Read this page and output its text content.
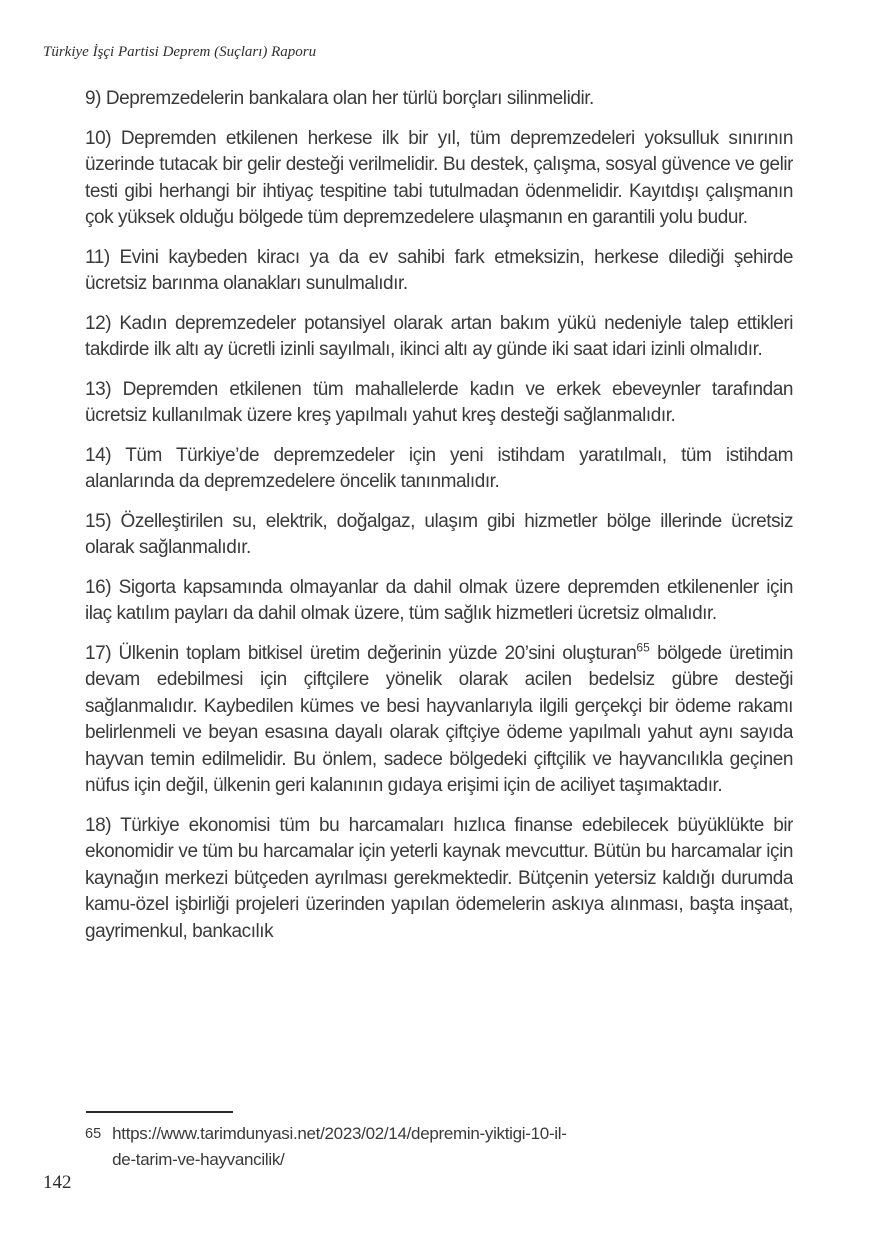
Türkiye İşçi Partisi Deprem (Suçları) Raporu

9) Depremzedelerin bankalara olan her türlü borçları silinmelidir.

10) Depremden etkilenen herkese ilk bir yıl, tüm depremzedeleri yoksulluk sınırının üzerinde tutacak bir gelir desteği verilmelidir. Bu destek, çalışma, sosyal güvence ve gelir testi gibi herhangi bir ihtiyaç tespitine tabi tutulmadan ödenmelidir. Kayıtdışı çalışmanın çok yüksek olduğu bölgede tüm depremzedelere ulaşmanın en garantili yolu budur.

11) Evini kaybeden kiracı ya da ev sahibi fark etmeksizin, herkese dilediği şehirde ücretsiz barınma olanakları sunulmalıdır.

12) Kadın depremzedeler potansiyel olarak artan bakım yükü nedeniyle talep ettikleri takdirde ilk altı ay ücretli izinli sayılmalı, ikinci altı ay günde iki saat idari izinli olmalıdır.

13) Depremden etkilenen tüm mahallelerde kadın ve erkek ebeveynler tarafından ücretsiz kullanılmak üzere kreş yapılmalı yahut kreş desteği sağlanmalıdır.

14) Tüm Türkiye’de depremzedeler için yeni istihdam yaratılmalı, tüm istihdam alanlarında da depremzedelere öncelik tanınmalıdır.

15) Özelleştirilen su, elektrik, doğalgaz, ulaşım gibi hizmetler bölge illerinde ücretsiz olarak sağlanmalıdır.

16) Sigorta kapsamında olmayanlar da dahil olmak üzere depremden etkilenenler için ilaç katılım payları da dahil olmak üzere, tüm sağlık hizmetleri ücretsiz olmalıdır.

17) Ülkenin toplam bitkisel üretim değerinin yüzde 20’sini oluşturan$^{65}$ bölgede üretimin devam edebilmesi için çiftçilere yönelik olarak acilen bedelsiz gübre desteği sağlanmalıdır. Kaybedilen kümes ve besi hayvanlarıyla ilgili gerçekçi bir ödeme rakamı belirlenmeli ve beyan esasına dayalı olarak çiftçiye ödeme yapılmalı yahut aynı sayıda hayvan temin edilmelidir. Bu önlem, sadece bölgedeki çiftçilik ve hayvancılıkla geçinen nüfus için değil, ülkenin geri kalanının gıdaya erişimi için de aciliyet taşımaktadır.

18) Türkiye ekonomisi tüm bu harcamaları hızlıca finanse edebilecek büyüklükte bir ekonomidir ve tüm bu harcamalar için yeterli kaynak mevcuttur. Bütün bu harcamalar için kaynağın merkezi bütçeden ayrılması gerekmektedir. Bütçenin yetersiz kaldığı durumda kamu-özel işbirliği projeleri üzerinden yapılan ödemelerin askıya alınması, başta inşaat, gayrimenkul, bankacılık

65 https://www.tarimdunyasi.net/2023/02/14/depremin-yiktigi-10-il-
de-tarim-ve-hayvancilik/
142
